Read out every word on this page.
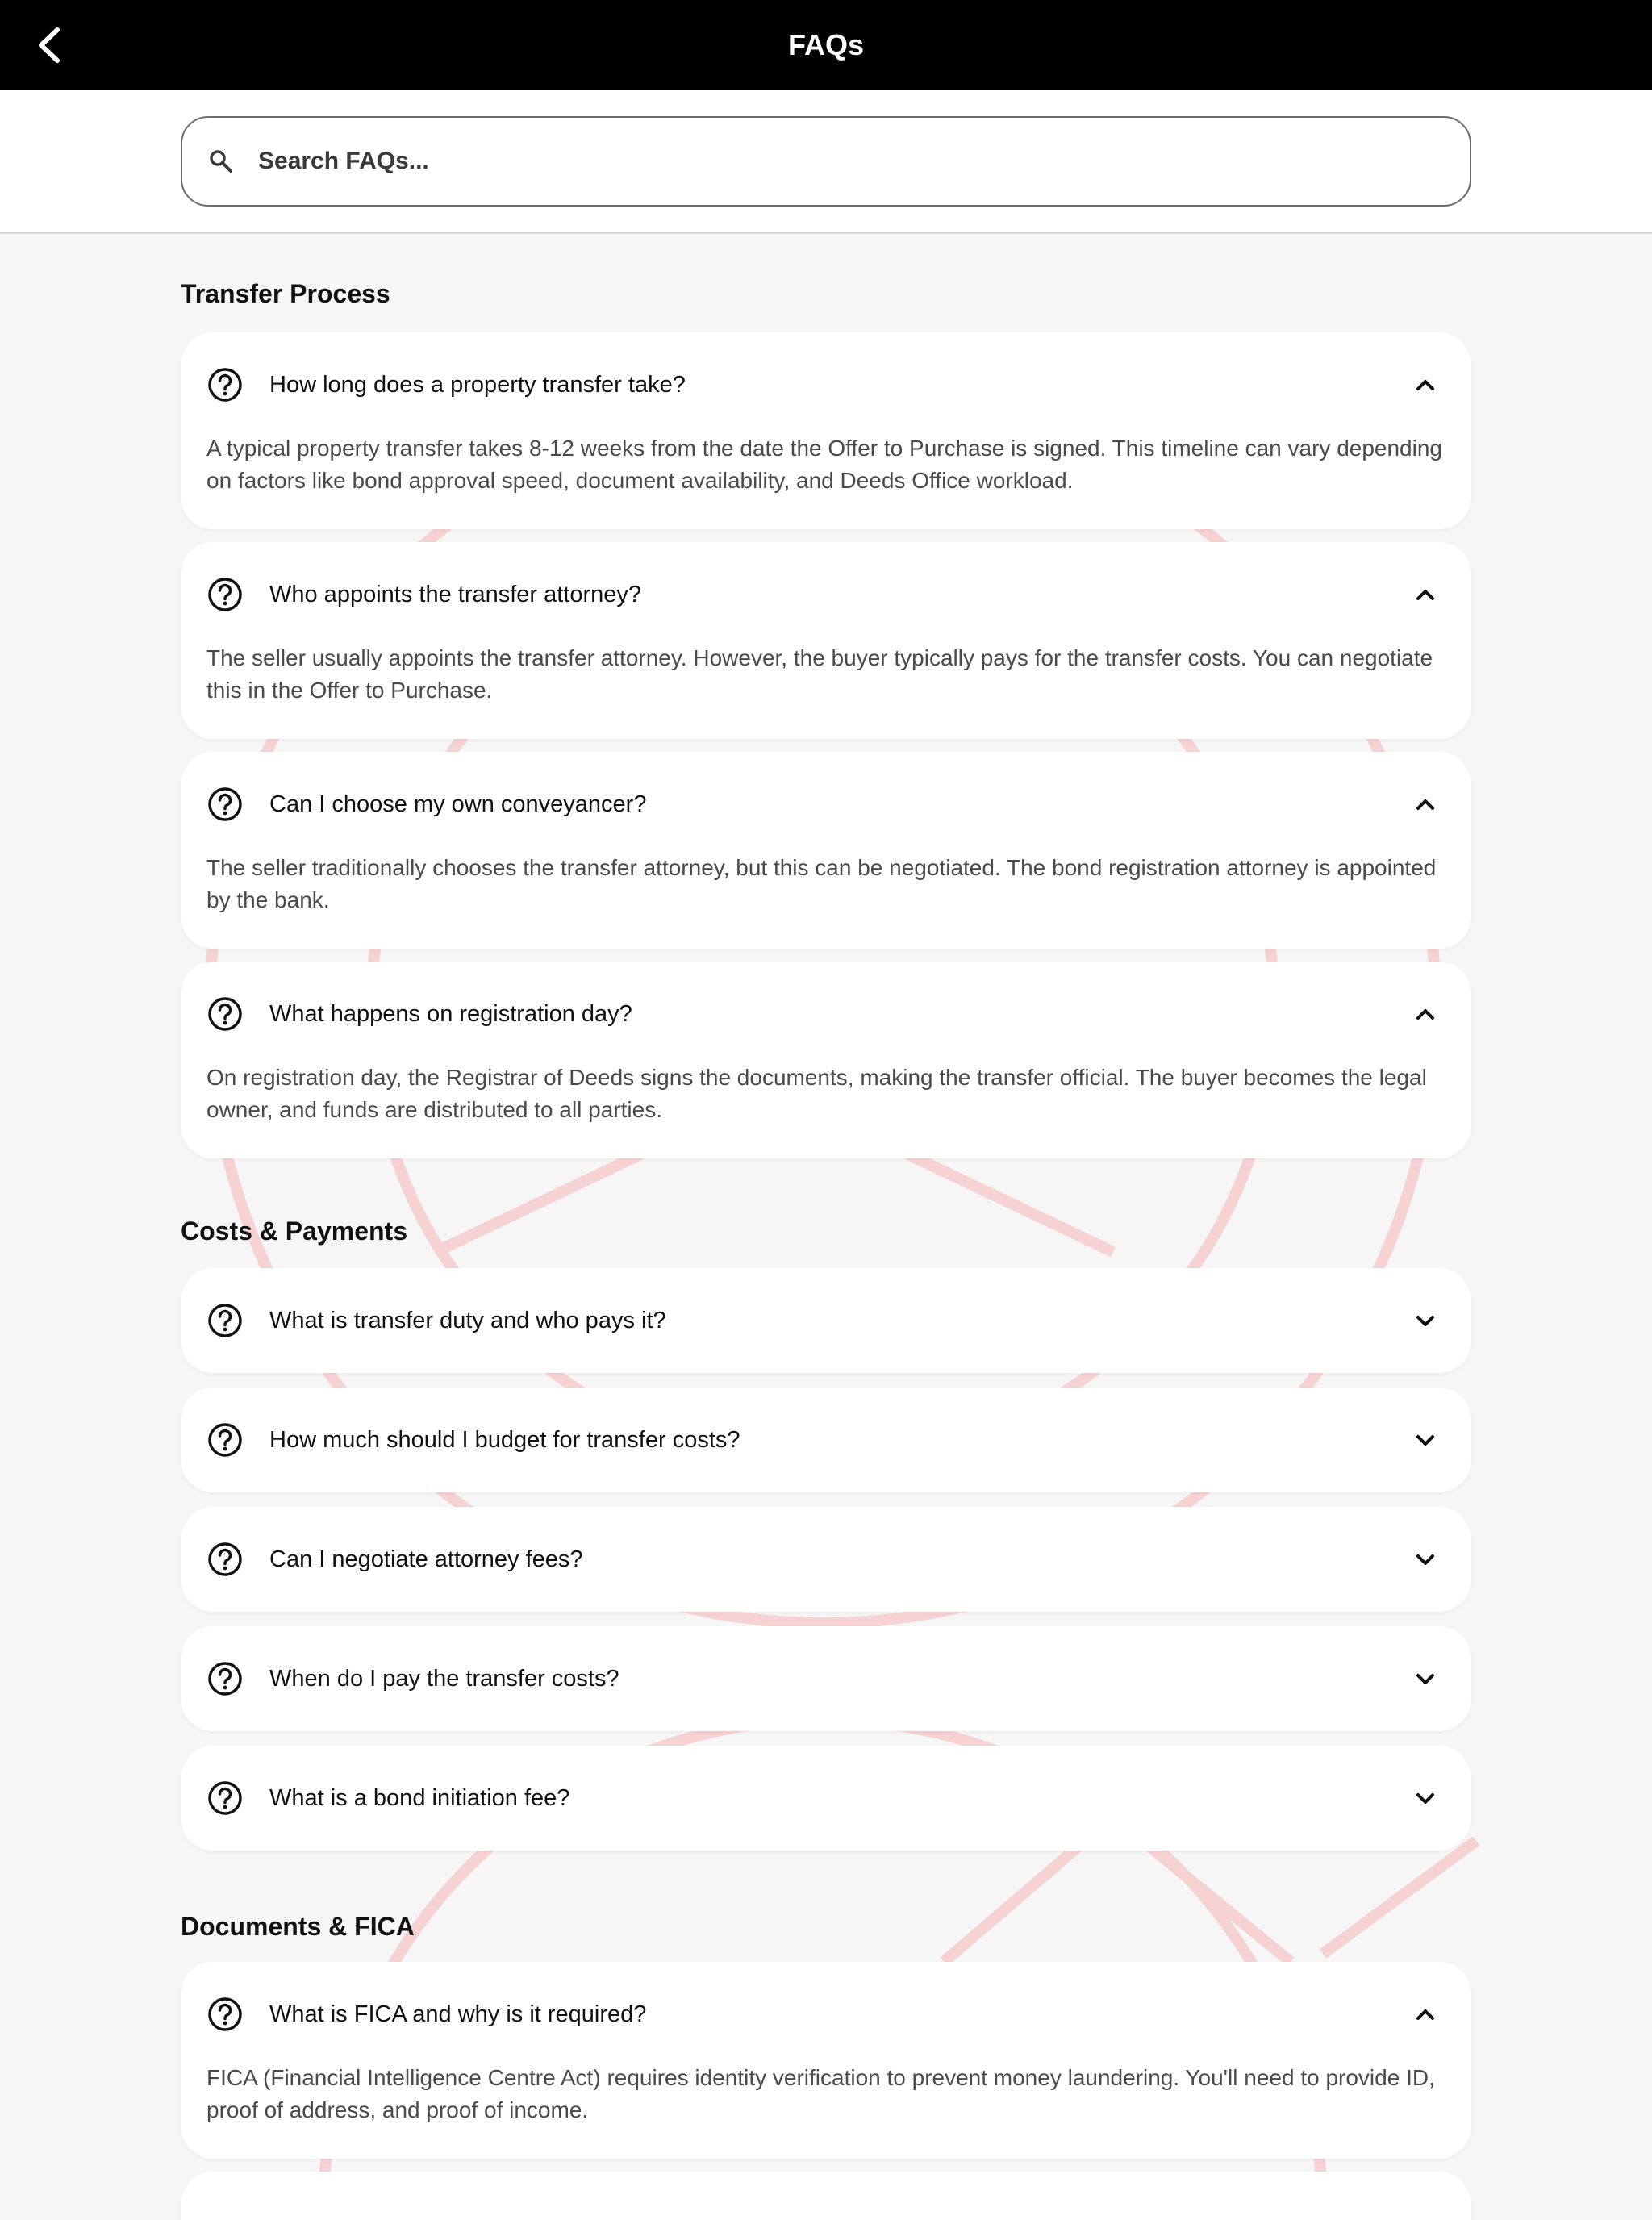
FAQs
Search FAQs...
Transfer Process
How long does a property transfer take?
A typical property transfer takes 8-12 weeks from the date the Offer to Purchase is signed. This timeline can vary depending on factors like bond approval speed, document availability, and Deeds Office workload.
Who appoints the transfer attorney?
The seller usually appoints the transfer attorney. However, the buyer typically pays for the transfer costs. You can negotiate this in the Offer to Purchase.
Can I choose my own conveyancer?
The seller traditionally chooses the transfer attorney, but this can be negotiated. The bond registration attorney is appointed by the bank.
What happens on registration day?
On registration day, the Registrar of Deeds signs the documents, making the transfer official. The buyer becomes the legal owner, and funds are distributed to all parties.
Costs & Payments
What is transfer duty and who pays it?
How much should I budget for transfer costs?
Can I negotiate attorney fees?
When do I pay the transfer costs?
What is a bond initiation fee?
Documents & FICA
What is FICA and why is it required?
FICA (Financial Intelligence Centre Act) requires identity verification to prevent money laundering. You'll need to provide ID, proof of address, and proof of income.
